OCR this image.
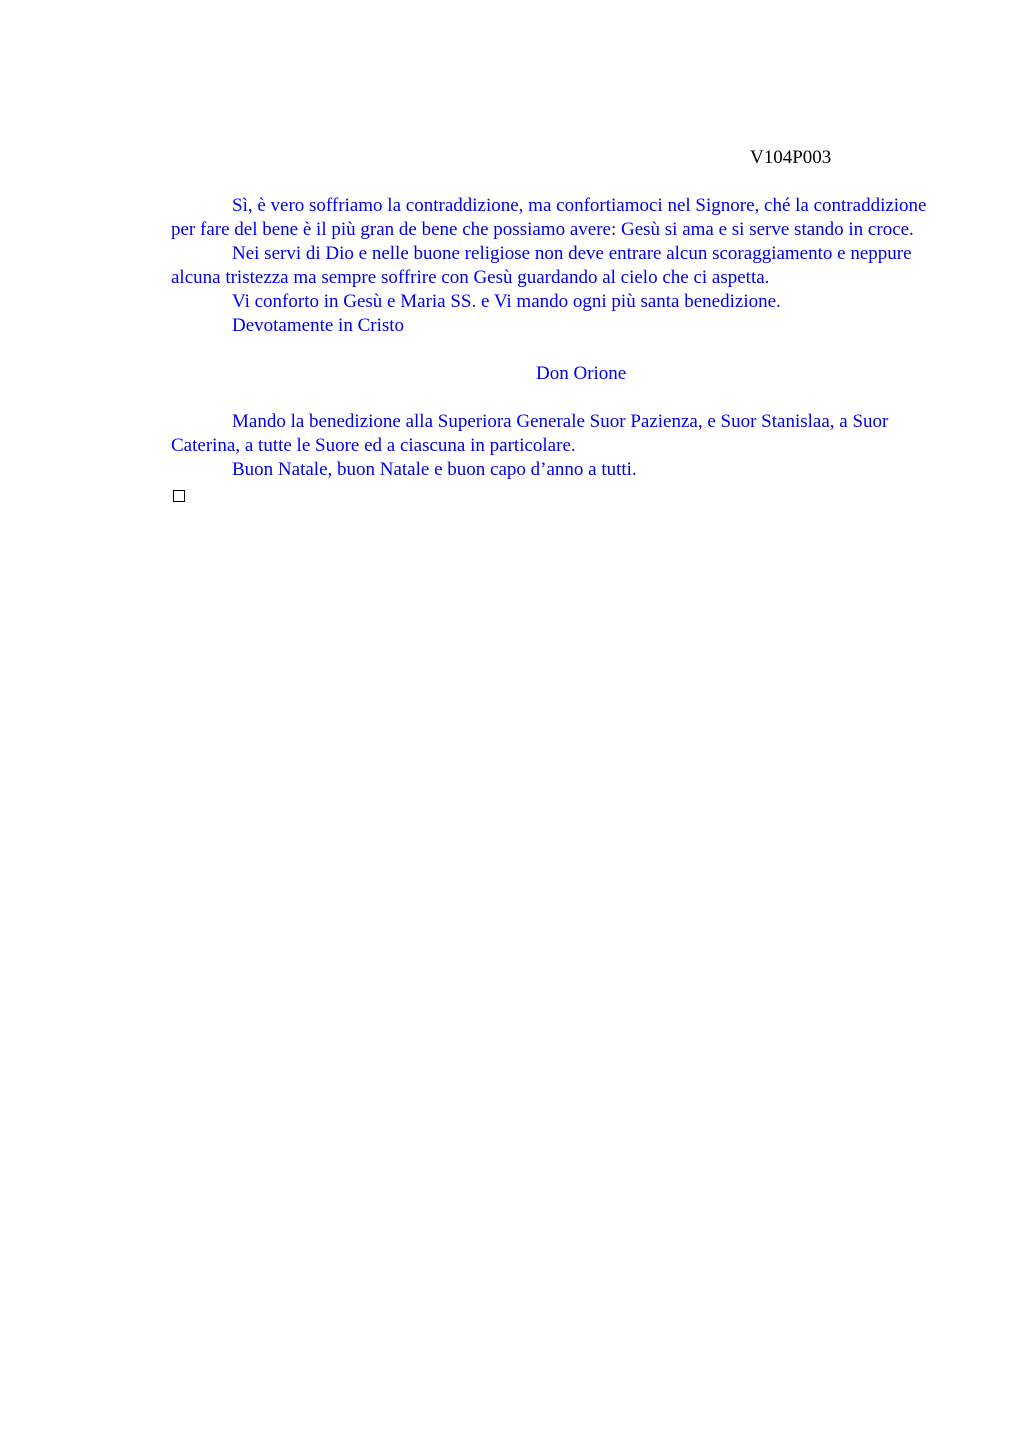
V104P003

Sì, è vero soffriamo la contraddizione, ma confortiamoci nel Signore, ché la contraddizione per fare del bene è il più gran de bene che possiamo avere: Gesù si ama e si serve stando in croce.

Nei servi di Dio e nelle buone religiose non deve entrare alcun scoraggiamento e neppure alcuna tristezza ma sempre soffrire con Gesù guardando al cielo che ci aspetta.

Vi conforto in Gesù e Maria SS. e Vi mando ogni più santa benedizione.

Devotamente in Cristo

Don Orione

Mando la benedizione alla Superiora Generale Suor Pazienza, e Suor Stanislaa, a Suor Caterina, a tutte le Suore ed a ciascuna in particolare.

Buon Natale, buon Natale e buon capo d’anno a tutti.
